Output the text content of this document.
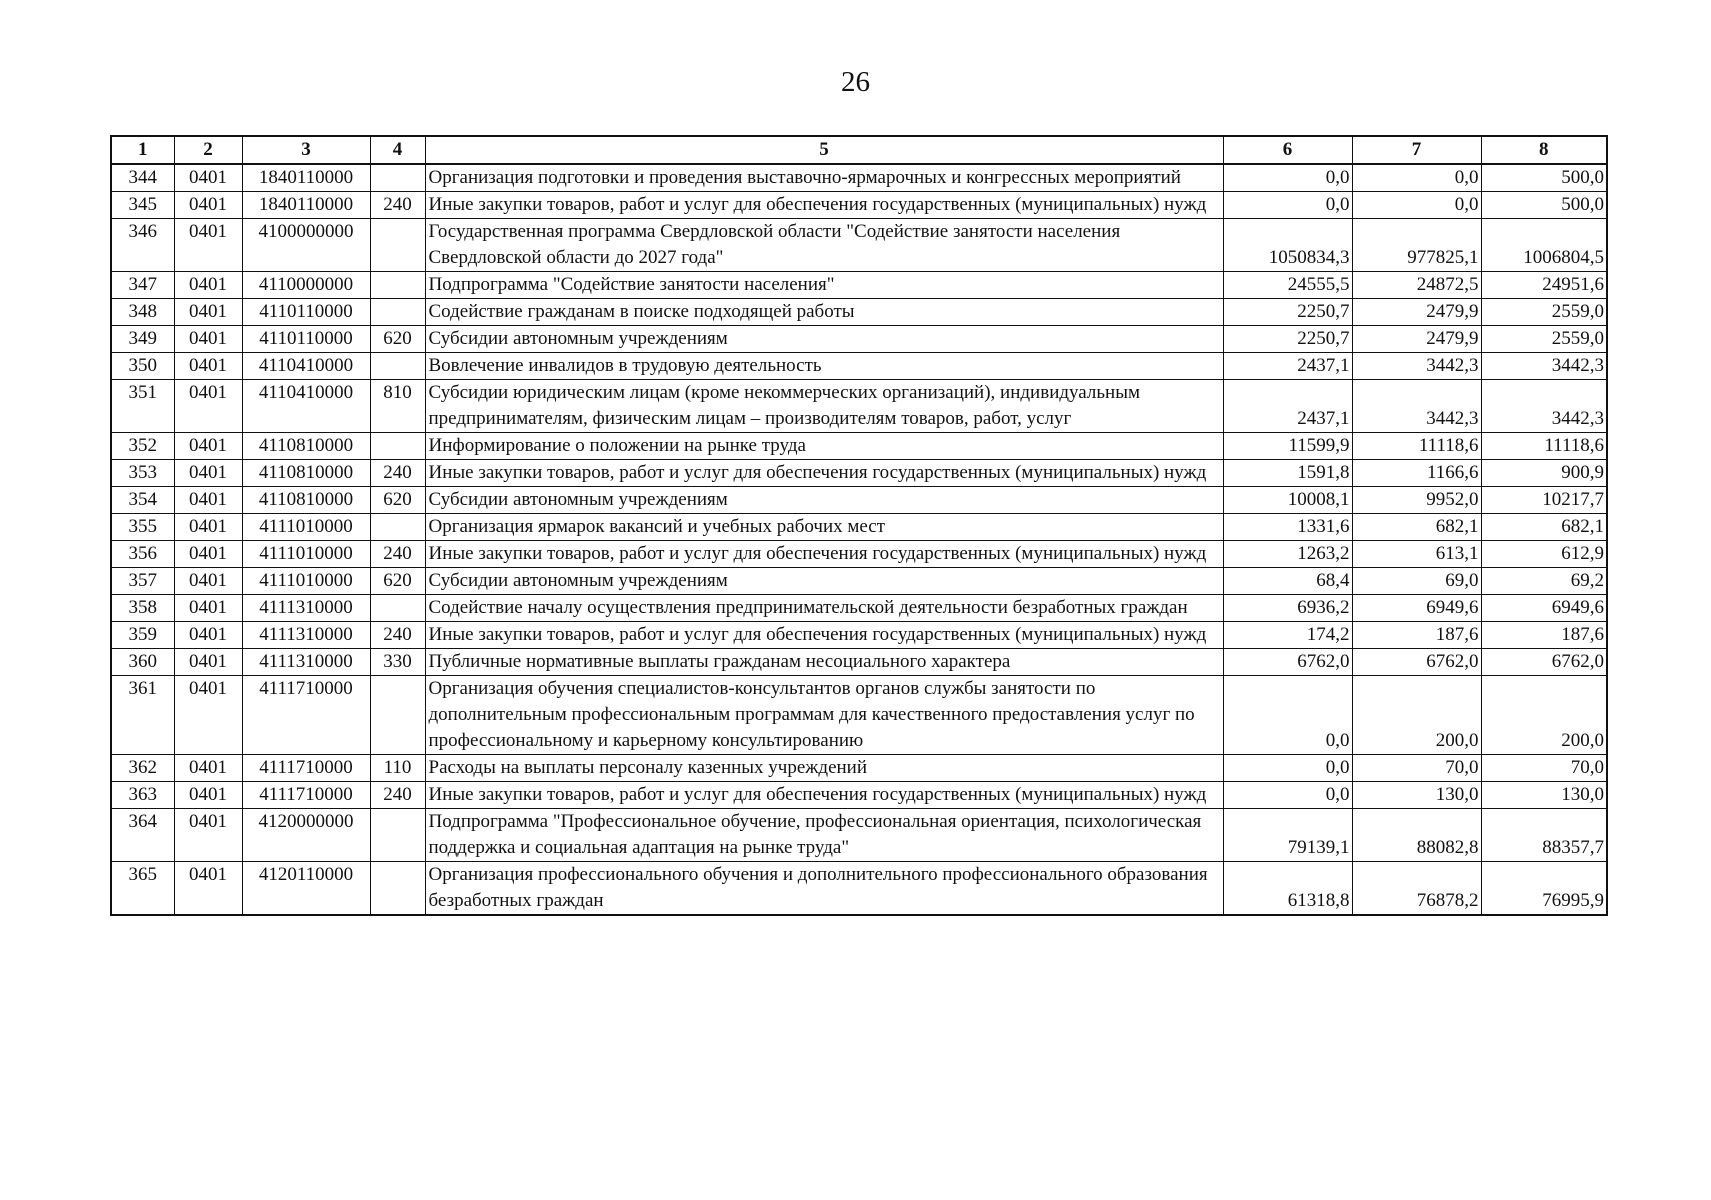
26
1	2	3	4	5	6	7	8
344	0401	1840110000		Организация подготовки и проведения выставочно-ярмарочных и конгрессных мероприятий	0,0	0,0	500,0
345	0401	1840110000	240	Иные закупки товаров, работ и услуг для обеспечения государственных (муниципальных) нужд	0,0	0,0	500,0
346	0401	4100000000		Государственная программа Свердловской области "Содействие занятости населения Свердловской области до 2027 года"	1050834,3	977825,1	1006804,5
347	0401	4110000000		Подпрограмма "Содействие занятости населения"	24555,5	24872,5	24951,6
348	0401	4110110000		Содействие гражданам в поиске подходящей работы	2250,7	2479,9	2559,0
349	0401	4110110000	620	Субсидии автономным учреждениям	2250,7	2479,9	2559,0
350	0401	4110410000		Вовлечение инвалидов в трудовую деятельность	2437,1	3442,3	3442,3
351	0401	4110410000	810	Субсидии юридическим лицам (кроме некоммерческих организаций), индивидуальным предпринимателям, физическим лицам – производителям товаров, работ, услуг	2437,1	3442,3	3442,3
352	0401	4110810000		Информирование о положении на рынке труда	11599,9	11118,6	11118,6
353	0401	4110810000	240	Иные закупки товаров, работ и услуг для обеспечения государственных (муниципальных) нужд	1591,8	1166,6	900,9
354	0401	4110810000	620	Субсидии автономным учреждениям	10008,1	9952,0	10217,7
355	0401	4111010000		Организация ярмарок вакансий и учебных рабочих мест	1331,6	682,1	682,1
356	0401	4111010000	240	Иные закупки товаров, работ и услуг для обеспечения государственных (муниципальных) нужд	1263,2	613,1	612,9
357	0401	4111010000	620	Субсидии автономным учреждениям	68,4	69,0	69,2
358	0401	4111310000		Содействие началу осуществления предпринимательской деятельности безработных граждан	6936,2	6949,6	6949,6
359	0401	4111310000	240	Иные закупки товаров, работ и услуг для обеспечения государственных (муниципальных) нужд	174,2	187,6	187,6
360	0401	4111310000	330	Публичные нормативные выплаты гражданам несоциального характера	6762,0	6762,0	6762,0
361	0401	4111710000		Организация обучения специалистов-консультантов органов службы занятости по дополнительным профессиональным программам для качественного предоставления услуг по профессиональному и карьерному консультированию	0,0	200,0	200,0
362	0401	4111710000	110	Расходы на выплаты персоналу казенных учреждений	0,0	70,0	70,0
363	0401	4111710000	240	Иные закупки товаров, работ и услуг для обеспечения государственных (муниципальных) нужд	0,0	130,0	130,0
364	0401	4120000000		Подпрограмма "Профессиональное обучение, профессиональная ориентация, психологическая поддержка и социальная адаптация на рынке труда"	79139,1	88082,8	88357,7
365	0401	4120110000		Организация профессионального обучения и дополнительного профессионального образования безработных граждан	61318,8	76878,2	76995,9
